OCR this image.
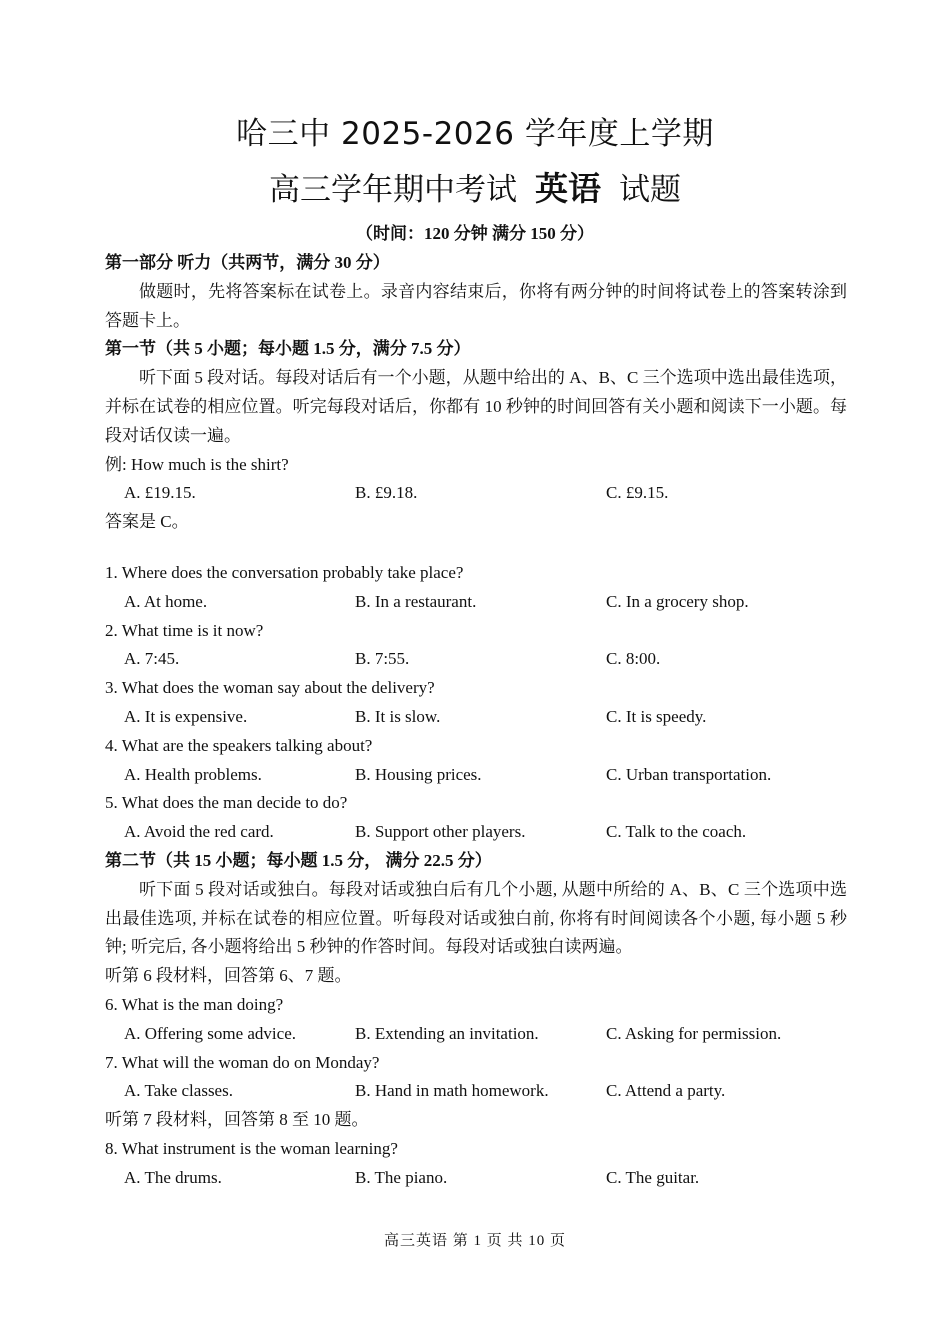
哈三中 2025-2026 学年度上学期
高三学年期中考试 英语 试题
（时间：120 分钟 满分 150 分）
第一部分 听力（共两节，满分 30 分）
做题时，先将答案标在试卷上。录音内容结束后，你将有两分钟的时间将试卷上的答案转涂到答题卡上。
第一节（共 5 小题；每小题 1.5 分，满分 7.5 分）
听下面 5 段对话。每段对话后有一个小题，从题中给出的 A、B、C 三个选项中选出最佳选项，并标在试卷的相应位置。听完每段对话后，你都有 10 秒钟的时间回答有关小题和阅读下一小题。每段对话仅读一遍。
例: How much is the shirt?
A. £19.15.	B. £9.18.	C. £9.15.
答案是 C。
1. Where does the conversation probably take place?
A. At home.	B. In a restaurant.	C. In a grocery shop.
2. What time is it now?
A. 7:45.	B. 7:55.	C. 8:00.
3. What does the woman say about the delivery?
A. It is expensive.	B. It is slow.	C. It is speedy.
4. What are the speakers talking about?
A. Health problems.	B. Housing prices.	C. Urban transportation.
5. What does the man decide to do?
A. Avoid the red card.	B. Support other players.	C. Talk to the coach.
第二节（共 15 小题；每小题 1.5 分， 满分 22.5 分）
听下面 5 段对话或独白。每段对话或独白后有几个小题, 从题中所给的 A、B、C 三个选项中选出最佳选项, 并标在试卷的相应位置。听每段对话或独白前, 你将有时间阅读各个小题, 每小题 5 秒钟; 听完后, 各小题将给出 5 秒钟的作答时间。每段对话或独白读两遍。
听第 6 段材料，回答第 6、7 题。
6. What is the man doing?
A. Offering some advice.	B. Extending an invitation.	C. Asking for permission.
7. What will the woman do on Monday?
A. Take classes.	B. Hand in math homework.	C. Attend a party.
听第 7 段材料，回答第 8 至 10 题。
8. What instrument is the woman learning?
A. The drums.	B. The piano.	C. The guitar.
高三英语 第 1 页 共 10 页
